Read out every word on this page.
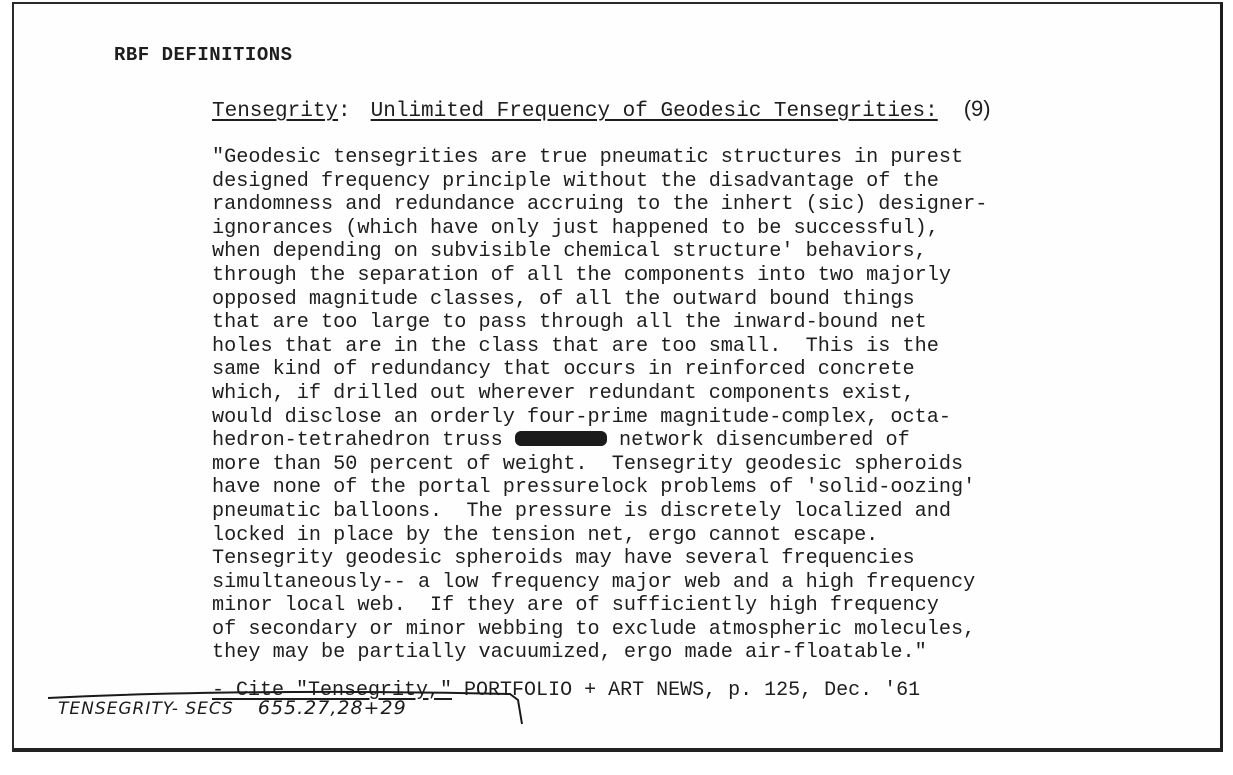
RBF DEFINITIONS
Tensegrity: Unlimited Frequency of Geodesic Tensegrities: (9)
"Geodesic tensegrities are true pneumatic structures in purest
designed frequency principle without the disadvantage of the
randomness and redundance accruing to the inhert (sic) designer-
ignorances (which have only just happened to be successful),
when depending on subvisible chemical structure' behaviors,
through the separation of all the components into two majorly
opposed magnitude classes, of all the outward bound things
that are too large to pass through all the inward-bound net
holes that are in the class that are too small.  This is the
same kind of redundancy that occurs in reinforced concrete
which, if drilled out wherever redundant components exist,
would disclose an orderly four-prime magnitude-complex, octa-
hedron-tetrahedron truss	network disencumbered of
more than 50 percent of weight.  Tensegrity geodesic spheroids
have none of the portal pressurelock problems of 'solid-oozing'
pneumatic balloons.  The pressure is discretely localized and
locked in place by the tension net, ergo cannot escape.
Tensegrity geodesic spheroids may have several frequencies
simultaneously-- a low frequency major web and a high frequency
minor local web.  If they are of sufficiently high frequency
of secondary or minor webbing to exclude atmospheric molecules,
they may be partially vacuumized, ergo made air-floatable."
- Cite "Tensegrity," PORTFOLIO + ART NEWS, p. 125, Dec. '61
TENSEGRITY- SECS 655.27,28+29
